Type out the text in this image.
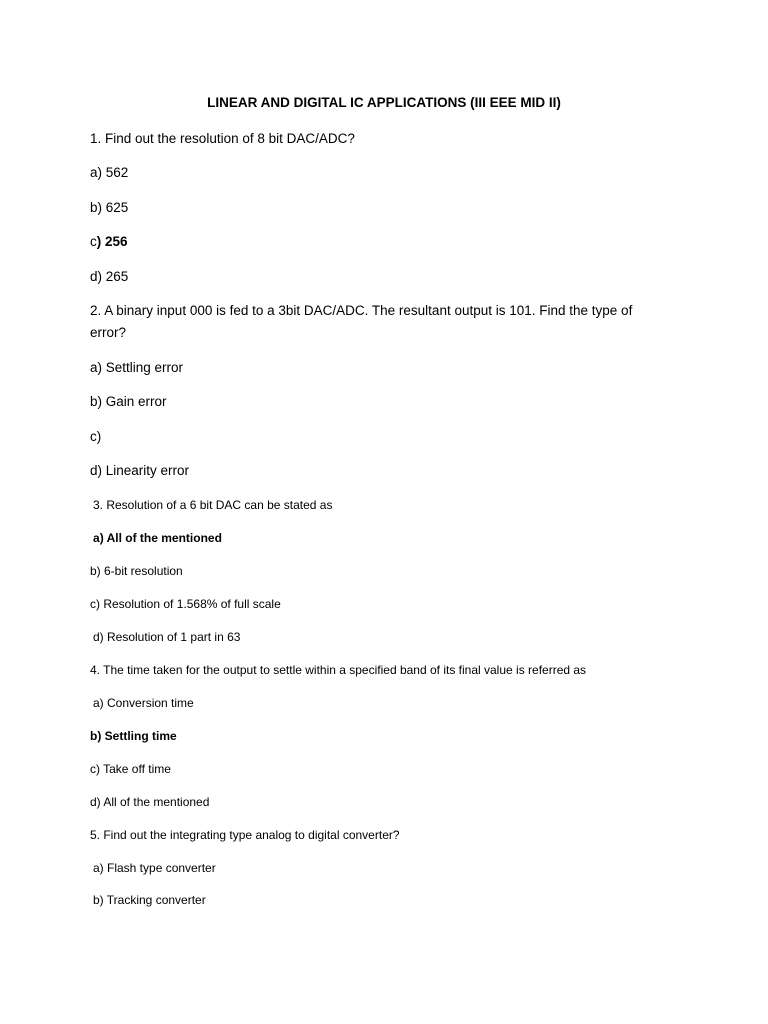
LINEAR AND DIGITAL IC APPLICATIONS (III EEE MID II)
1. Find out the resolution of 8 bit DAC/ADC?
a) 562
b) 625
c) 256
d) 265
2. A binary input 000 is fed to a 3bit DAC/ADC. The resultant output is 101. Find the type of
error?
a) Settling error
b) Gain error
c)
d) Linearity error
3. Resolution of a 6 bit DAC can be stated as
a) All of the mentioned
b) 6-bit resolution
c) Resolution of 1.568% of full scale
d) Resolution of 1 part in 63
4. The time taken for the output to settle within a specified band of its final value is referred as
a) Conversion time
b) Settling time
c) Take off time
d) All of the mentioned
5. Find out the integrating type analog to digital converter?
a) Flash type converter
b) Tracking converter
